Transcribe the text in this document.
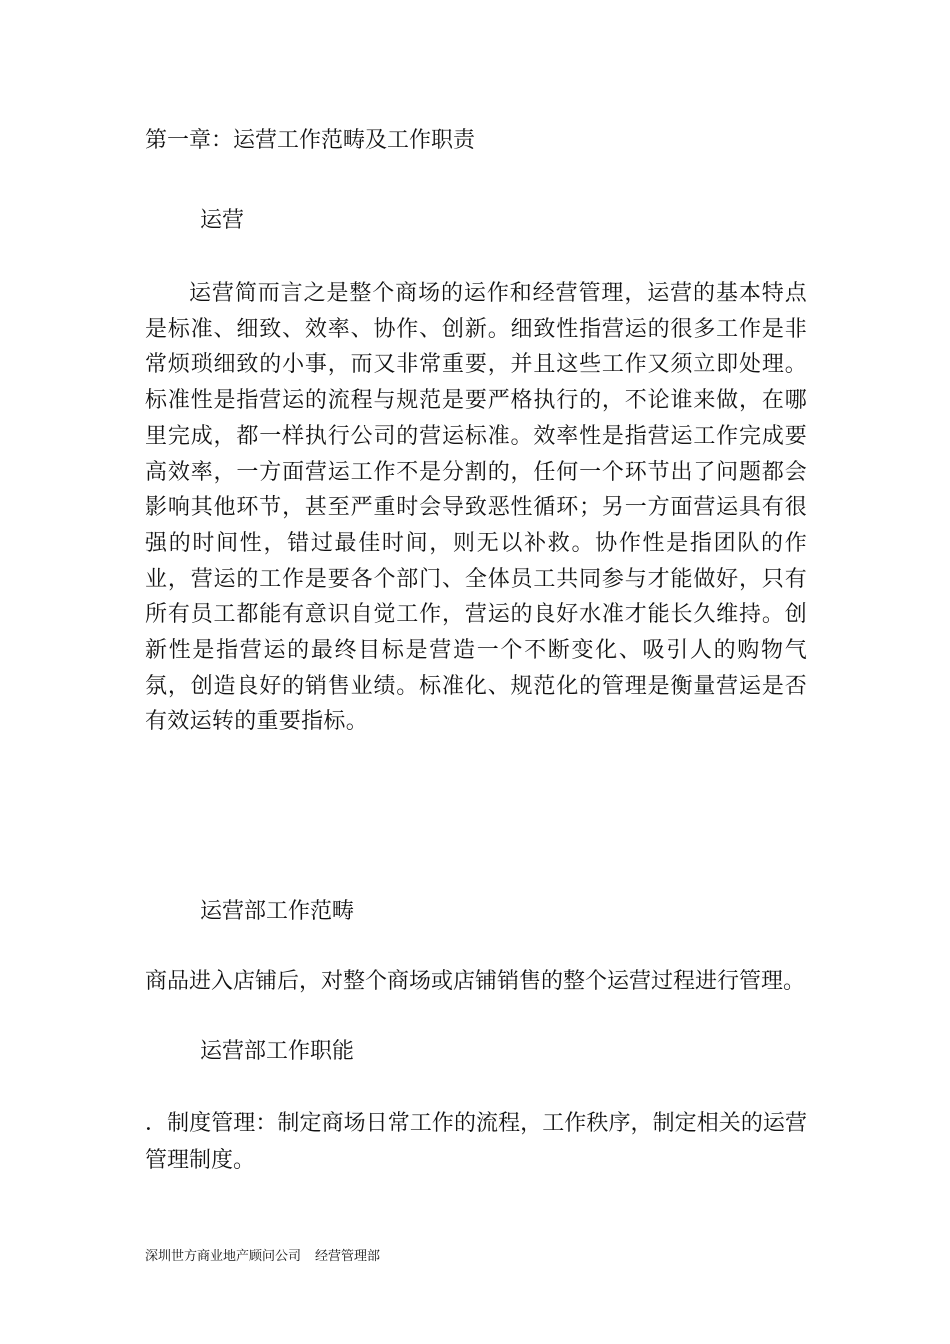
第一章：运营工作范畴及工作职责
运营

运营简而言之是整个商场的运作和经营管理，运营的基本特点是标准、细致、效率、协作、创新。细致性指营运的很多工作是非常烦琐细致的小事，而又非常重要，并且这些工作又须立即处理。标准性是指营运的流程与规范是要严格执行的，不论谁来做，在哪里完成，都一样执行公司的营运标准。效率性是指营运工作完成要高效率，一方面营运工作不是分割的，任何一个环节出了问题都会影响其他环节，甚至严重时会导致恶性循环；另一方面营运具有很强的时间性，错过最佳时间，则无以补救。协作性是指团队的作业，营运的工作是要各个部门、全体员工共同参与才能做好，只有所有员工都能有意识自觉工作，营运的良好水准才能长久维持。创新性是指营运的最终目标是营造一个不断变化、吸引人的购物气氛，创造良好的销售业绩。标准化、规范化的管理是衡量营运是否有效运转的重要指标。

运营部工作范畴

商品进入店铺后，对整个商场或店铺销售的整个运营过程进行管理。

运营部工作职能

．制度管理：制定商场日常工作的流程，工作秩序，制定相关的运营管理制度。

深圳世方商业地产顾问公司 经营管理部
